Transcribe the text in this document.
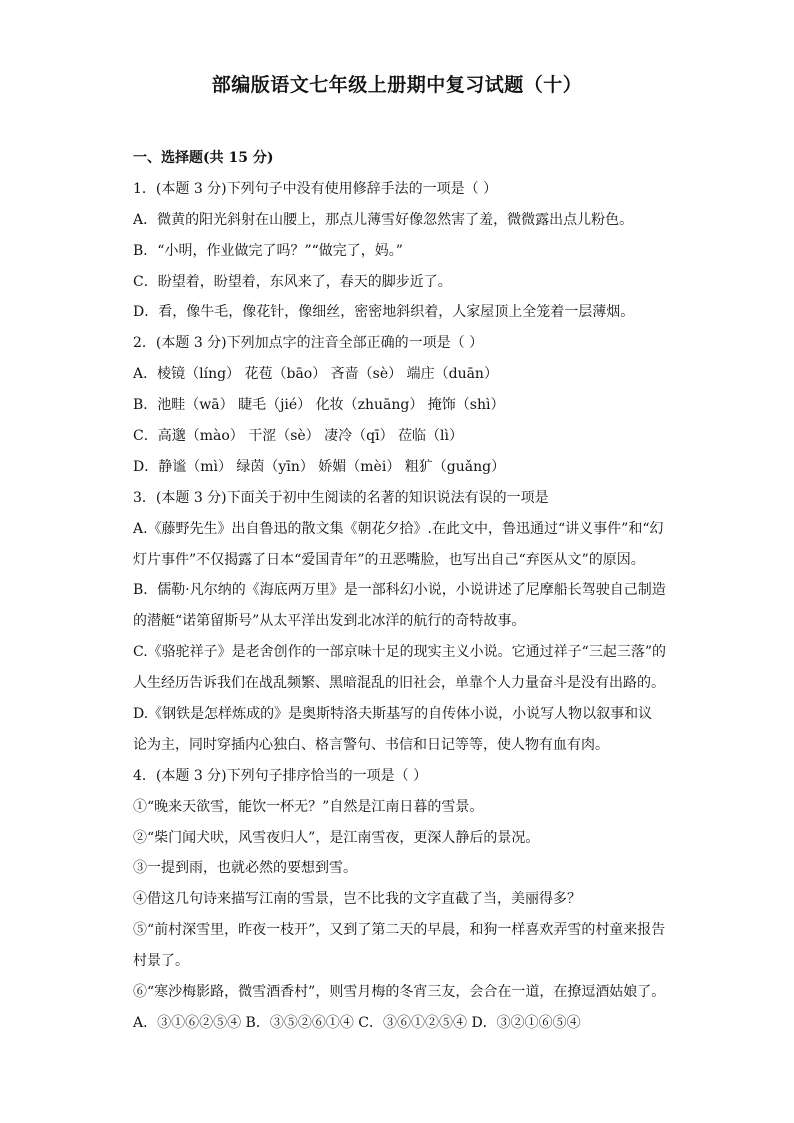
部编版语文七年级上册期中复习试题（十）
一、选择题(共 15 分)
1．(本题 3 分)下列句子中没有使用修辞手法的一项是（ ）
A．微黄的阳光斜射在山腰上，那点儿薄雪好像忽然害了羞，微微露出点儿粉色。
B．“小明，作业做完了吗？”“做完了，妈。”
C．盼望着，盼望着，东风来了，春天的脚步近了。
D．看，像牛毛，像花针，像细丝，密密地斜织着，人家屋顶上全笼着一层薄烟。
2．(本题 3 分)下列加点字的注音全部正确的一项是（ ）
A．棱镜（líng） 花苞（bāo） 吝啬（sè） 端庄（duān）
B．池畦（wā） 睫毛（jié） 化妆（zhuāng） 掩饰（shì）
C．高邈（mào） 干涩（sè） 凄冷（qī） 莅临（lì）
D．静谧（mì） 绿茵（yīn） 娇媚（mèi） 粗犷（guǎng）
3．(本题 3 分)下面关于初中生阅读的名著的知识说法有误的一项是
A.《藤野先生》出自鲁迅的散文集《朝花夕拾》.在此文中，鲁迅通过“讲义事件”和“幻
灯片事件”不仅揭露了日本“爱国青年”的丑恶嘴脸，也写出自己“弃医从文”的原因。
B．儒勒·凡尔纳的《海底两万里》是一部科幻小说，小说讲述了尼摩船长驾驶自己制造
的潜艇“诺第留斯号”从太平洋出发到北冰洋的航行的奇特故事。
C.《骆驼祥子》是老舍创作的一部京味十足的现实主义小说。它通过祥子“三起三落”的
人生经历告诉我们在战乱频繁、黑暗混乱的旧社会，单靠个人力量奋斗是没有出路的。
D.《钢铁是怎样炼成的》是奥斯特洛夫斯基写的自传体小说，小说写人物以叙事和议
论为主，同时穿插内心独白、格言警句、书信和日记等等，使人物有血有肉。
4．(本题 3 分)下列句子排序恰当的一项是（ ）
①“晚来天欲雪，能饮一杯无？”自然是江南日暮的雪景。
②“柴门闻犬吠，风雪夜归人”，是江南雪夜，更深人静后的景况。
③一提到雨，也就必然的要想到雪。
④借这几句诗来描写江南的雪景，岂不比我的文字直截了当，美丽得多？
⑤“前村深雪里，昨夜一枝开”，又到了第二天的早晨，和狗一样喜欢弄雪的村童来报告
村景了。
⑥“寒沙梅影路，微雪酒香村”，则雪月梅的冬宵三友，会合在一道，在撩逗酒姑娘了。
A．③①⑥②⑤④ B．③⑤②⑥①④ C．③⑥①②⑤④ D．③②①⑥⑤④
